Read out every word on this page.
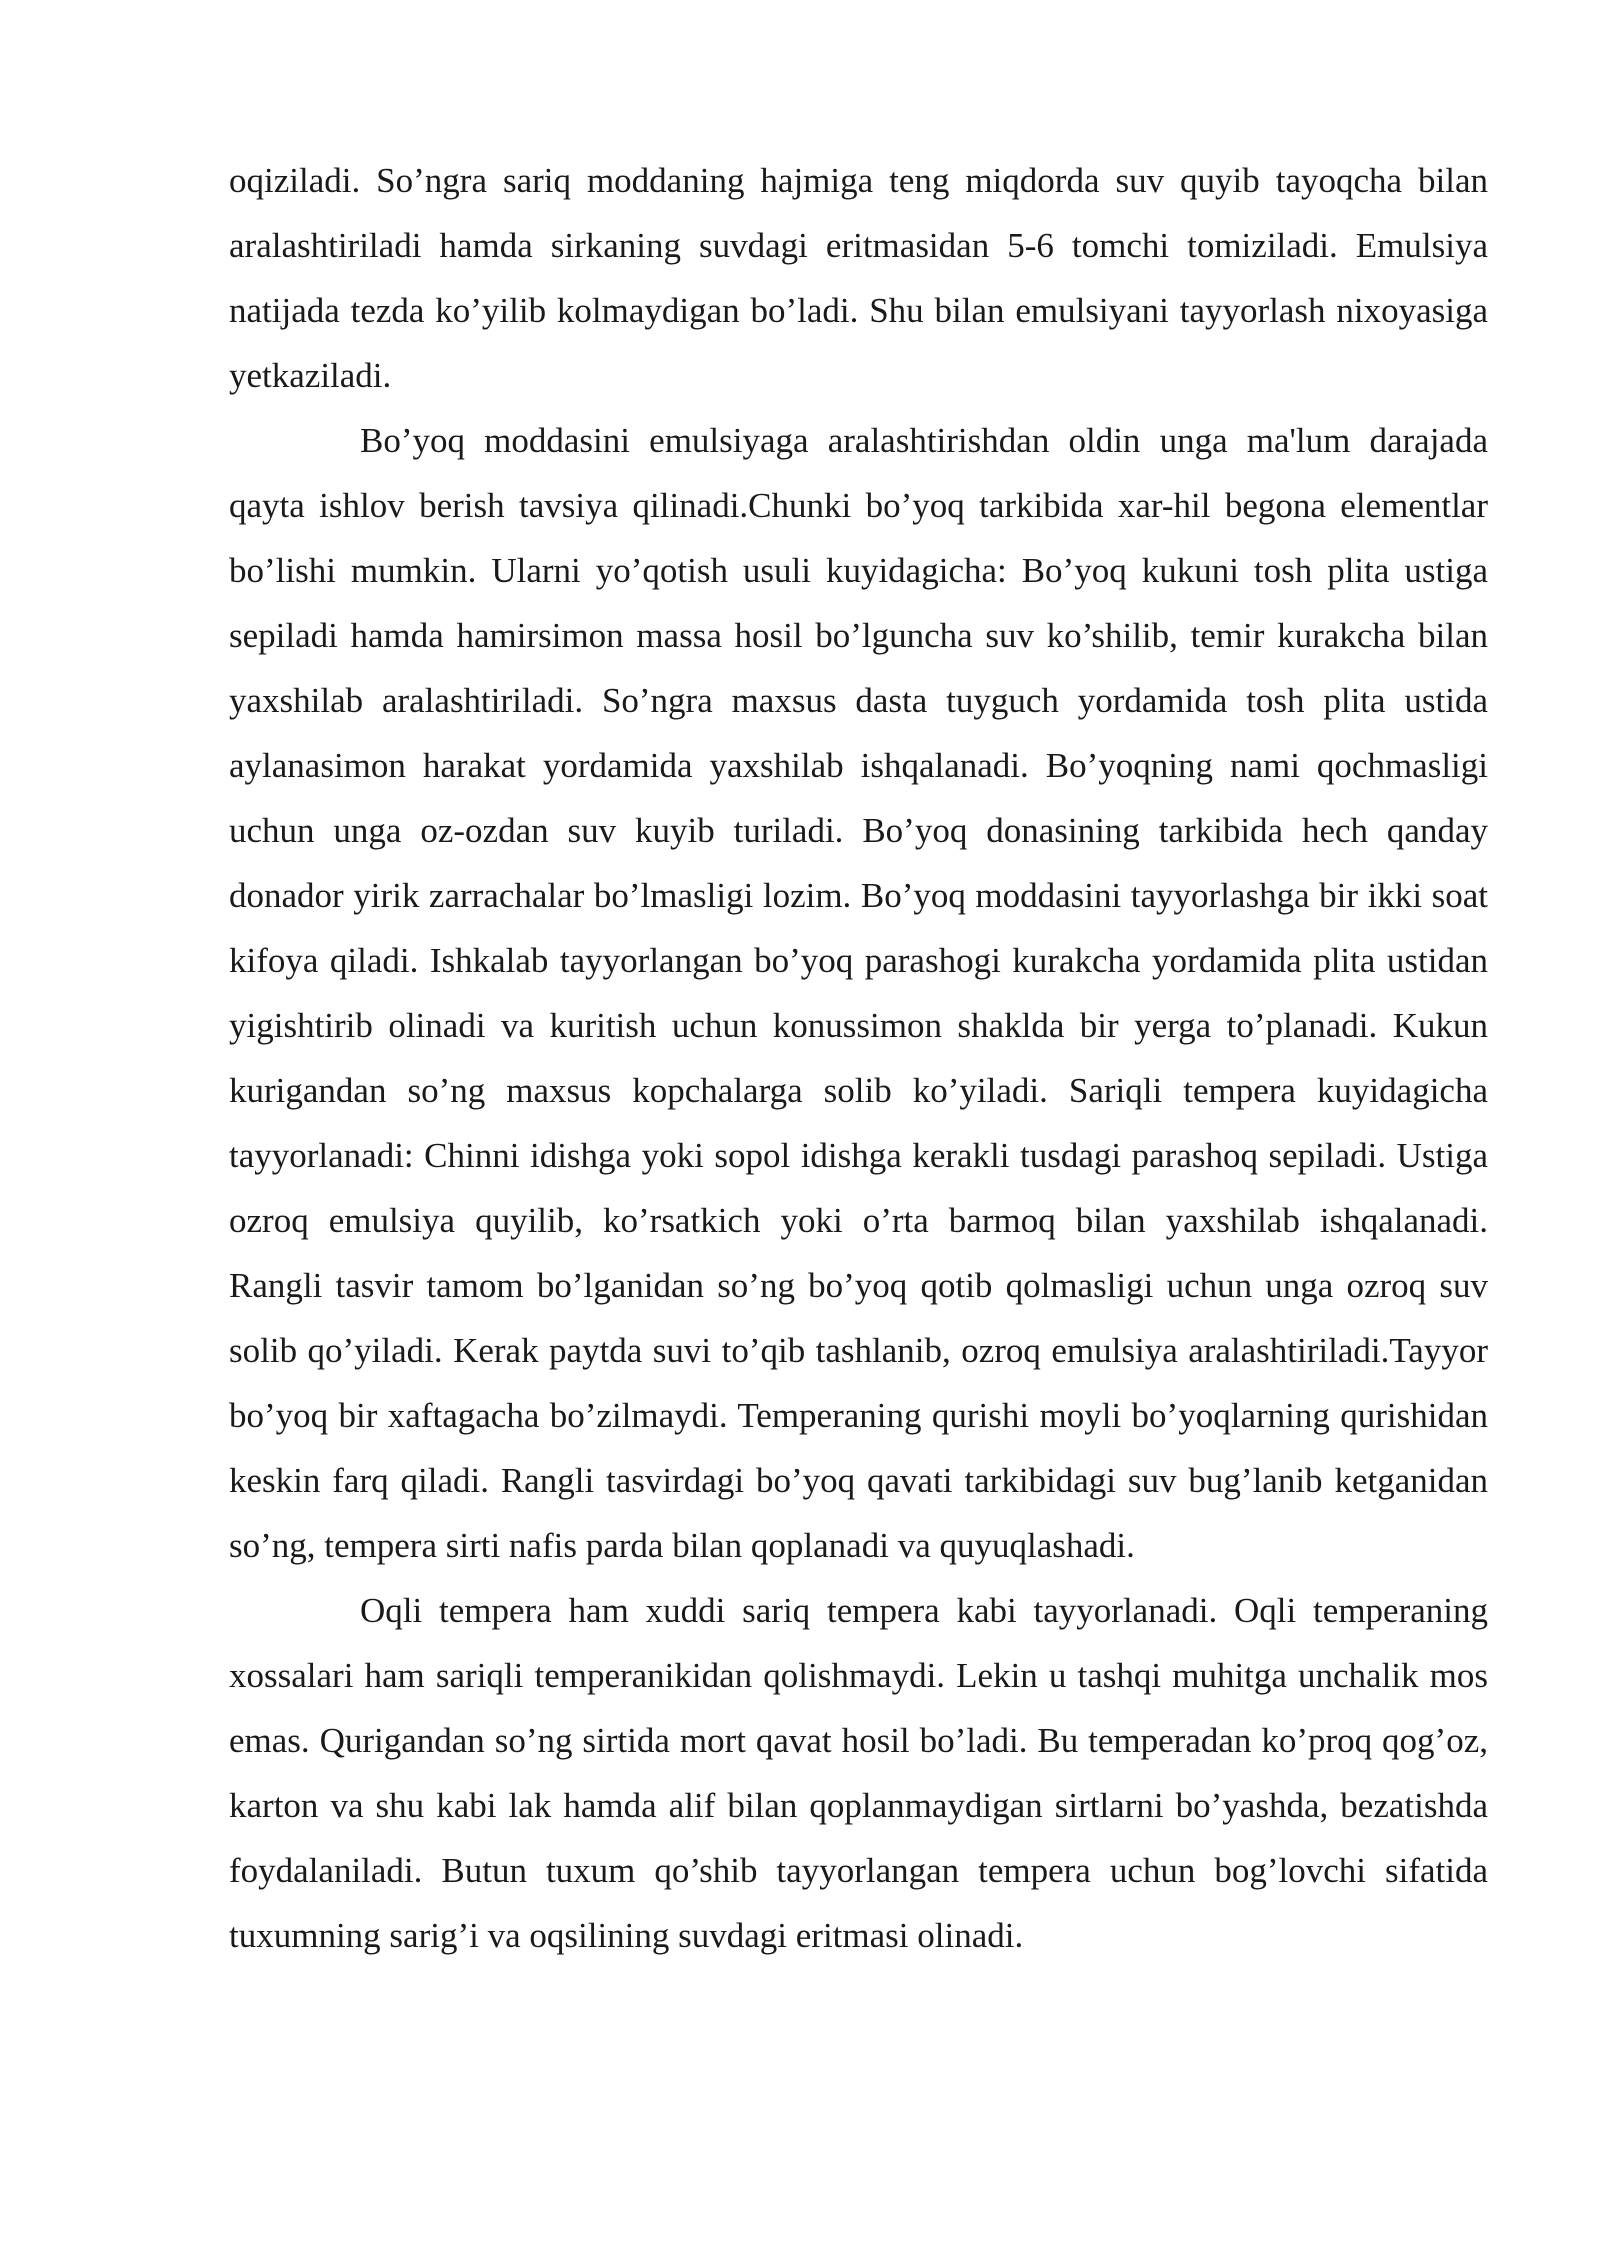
oqiziladi. So’ngra sariq moddaning hajmiga teng miqdorda suv quyib tayoqcha bilan aralashtiriladi hamda sirkaning suvdagi eritmasidan 5-6 tomchi tomiziladi. Emulsiya natijada tezda ko’yilib kolmaydigan bo’ladi. Shu bilan emulsiyani tayyorlash nixoyasiga yetkaziladi.

Bo’yoq moddasini emulsiyaga aralashtirishdan oldin unga ma'lum darajada qayta ishlov berish tavsiya qilinadi.Chunki bo’yoq tarkibida xar-hil begona elementlar bo’lishi mumkin. Ularni yo’qotish usuli kuyidagicha: Bo’yoq kukuni tosh plita ustiga sepiladi hamda hamirsimon massa hosil bo’lguncha suv ko’shilib, temir kurakcha bilan yaxshilab aralashtiriladi. So’ngra maxsus dasta tuyguch yordamida tosh plita ustida aylanasimon harakat yordamida yaxshilab ishqalanadi. Bo’yoqning nami qochmasligi uchun unga oz-ozdan suv kuyib turiladi. Bo’yoq donasining tarkibida hech qanday donador yirik zarrachalar bo’lmasligi lozim. Bo’yoq moddasini tayyorlashga bir ikki soat kifoya qiladi. Ishkalab tayyorlangan bo’yoq parashogi kurakcha yordamida plita ustidan yigishtirib olinadi va kuritish uchun konussimon shaklda bir yerga to’planadi. Kukun kurigandan so’ng maxsus kopchalarga solib ko’yiladi. Sariqli tempera kuyidagicha tayyorlanadi: Chinni idishga yoki sopol idishga kerakli tusdagi parashoq sepiladi. Ustiga ozroq emulsiya quyilib, ko’rsatkich yoki o’rta barmoq bilan yaxshilab ishqalanadi. Rangli tasvir tamom bo’lganidan so’ng bo’yoq qotib qolmasligi uchun unga ozroq suv solib qo’yiladi. Kerak paytda suvi to’qib tashlanib, ozroq emulsiya aralashtiriladi.Tayyor bo’yoq bir xaftagacha bo’zilmaydi. Temperaning qurishi moyli bo’yoqlarning qurishidan keskin farq qiladi. Rangli tasvirdagi bo’yoq qavati tarkibidagi suv bug’lanib ketganidan so’ng, tempera sirti nafis parda bilan qoplanadi va quyuqlashadi.

Oqli tempera ham xuddi sariq tempera kabi tayyorlanadi. Oqli temperaning xossalari ham sariqli temperanikidan qolishmaydi. Lekin u tashqi muhitga unchalik mos emas. Qurigandan so’ng sirtida mort qavat hosil bo’ladi. Bu temperadan ko’proq qog’oz, karton va shu kabi lak hamda alif bilan qoplanmaydigan sirtlarni bo’yashda, bezatishda foydalaniladi. Butun tuxum qo’shib tayyorlangan tempera uchun bog’lovchi sifatida tuxumning sarig’i va oqsilining suvdagi eritmasi olinadi.
